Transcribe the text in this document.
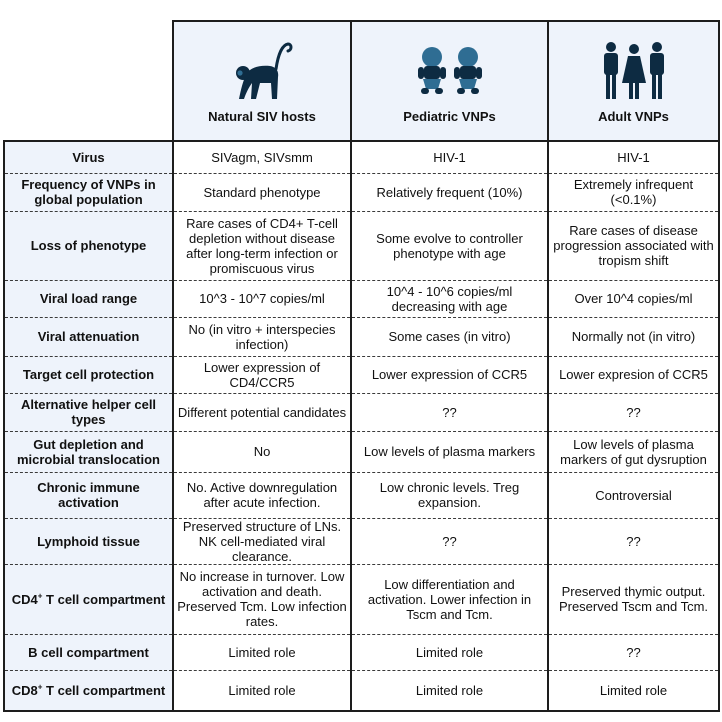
	Natural SIV hosts	Pediatric VNPs	Adult VNPs

Virus	SIVagm, SIVsmm	HIV-1	HIV-1
Frequency of VNPs in global population	Standard phenotype	Relatively frequent (10%)	Extremely infrequent (<0.1%)
Loss of phenotype	Rare cases of CD4+ T-cell depletion without disease after long-term infection or promiscuous virus	Some evolve to controller phenotype with age	Rare cases of disease progression associated with tropism shift
Viral load range	10^3 - 10^7 copies/ml	10^4 - 10^6 copies/ml decreasing with age	Over 10^4 copies/ml
Viral attenuation	No (in vitro + interspecies infection)	Some cases (in vitro)	Normally not (in vitro)
Target cell protection	Lower expression of CD4/CCR5	Lower expression of CCR5	Lower expresion of CCR5
Alternative helper cell types	Different potential candidates	??	??
Gut depletion and microbial translocation	No	Low levels of plasma markers	Low levels of plasma markers of gut dysruption
Chronic immune activation	No. Active downregulation after acute infection.	Low chronic levels. Treg expansion.	Controversial
Lymphoid tissue	Preserved structure of LNs. NK cell-mediated viral clearance.	??	??
CD4+ T cell compartment	No increase in turnover. Low activation and death. Preserved Tcm. Low infection rates.	Low differentiation and activation. Lower infection in Tscm and Tcm.	Preserved thymic output. Preserved Tscm and Tcm.
B cell compartment	Limited role	Limited role	??
CD8+ T cell compartment	Limited role	Limited role	Limited role
